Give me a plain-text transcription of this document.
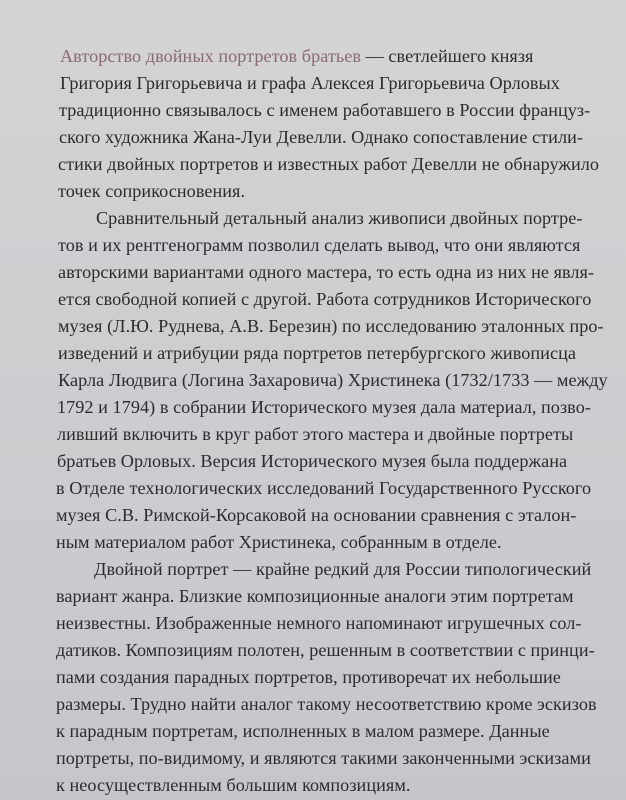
Авторство двойных портретов братьев — светлейшего князя
Григория Григорьевича и графа Алексея Григорьевича Орловых
традиционно связывалось с именем работавшего в России француз-
ского художника Жана-Луи Девелли. Однако сопоставление стили-
стики двойных портретов и известных работ Девелли не обнаружило
точек соприкосновения.
Сравнительный детальный анализ живописи двойных портре-
тов и их рентгенограмм позволил сделать вывод, что они являются
авторскими вариантами одного мастера, то есть одна из них не явля-
ется свободной копией с другой. Работа сотрудников Исторического
музея (Л.Ю. Руднева, А.В. Березин) по исследованию эталонных про-
изведений и атрибуции ряда портретов петербургского живописца
Карла Людвига (Логина Захаровича) Христинека (1732/1733 — между
1792 и 1794) в собрании Исторического музея дала материал, позво-
ливший включить в круг работ этого мастера и двойные портреты
братьев Орловых. Версия Исторического музея была поддержана
в Отделе технологических исследований Государственного Русского
музея С.В. Римской-Корсаковой на основании сравнения с эталон-
ным материалом работ Христинека, собранным в отделе.
Двойной портрет — крайне редкий для России типологический
вариант жанра. Близкие композиционные аналоги этим портретам
неизвестны. Изображенные немного напоминают игрушечных сол-
датиков. Композициям полотен, решенным в соответствии с принци-
пами создания парадных портретов, противоречат их небольшие
размеры. Трудно найти аналог такому несоответствию кроме эскизов
к парадным портретам, исполненных в малом размере. Данные
портреты, по-видимому, и являются такими законченными эскизами
к неосуществленным большим композициям.
